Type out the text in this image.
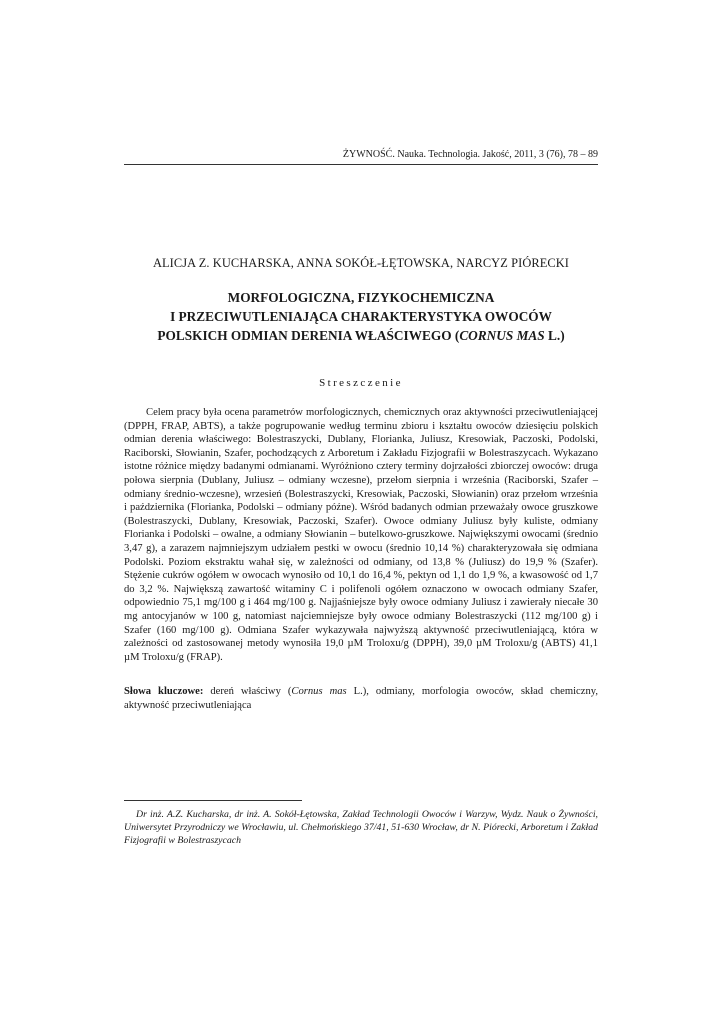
ŻYWNOŚĆ. Nauka. Technologia. Jakość, 2011, 3 (76), 78 – 89
ALICJA Z. KUCHARSKA, ANNA SOKÓŁ-ŁĘTOWSKA, NARCYZ PIÓRECKI
MORFOLOGICZNA, FIZYKOCHEMICZNA
I PRZECIWUTLENIAJĄCA CHARAKTERYSTYKA OWOCÓW
POLSKICH ODMIAN DERENIA WŁAŚCIWEGO (CORNUS MAS L.)
Streszczenie

Celem pracy była ocena parametrów morfologicznych, chemicznych oraz aktywności przeciwutleniającej (DPPH, FRAP, ABTS), a także pogrupowanie według terminu zbioru i kształtu owoców dziesięciu polskich odmian derenia właściwego: Bolestraszycki, Dublany, Florianka, Juliusz, Kresowiak, Paczoski, Podolski, Raciborski, Słowianin, Szafer, pochodzących z Arboretum i Zakładu Fizjografii w Bolestraszycach. Wykazano istotne różnice między badanymi odmianami. Wyróżniono cztery terminy dojrzałości zbiorczej owoców: druga połowa sierpnia (Dublany, Juliusz – odmiany wczesne), przełom sierpnia i września (Raciborski, Szafer – odmiany średnio-wczesne), wrzesień (Bolestraszycki, Kresowiak, Paczoski, Słowianin) oraz przełom września i października (Florianka, Podolski – odmiany późne). Wśród badanych odmian przeważały owoce gruszkowe (Bolestraszycki, Dublany, Kresowiak, Paczoski, Szafer). Owoce odmiany Juliusz były kuliste, odmiany Florianka i Podolski – owalne, a odmiany Słowianin – butelkowo-gruszkowe. Największymi owocami (średnio 3,47 g), a zarazem najmniejszym udziałem pestki w owocu (średnio 10,14 %) charakteryzowała się odmiana Podolski. Poziom ekstraktu wahał się, w zależności od odmiany, od 13,8 % (Juliusz) do 19,9 % (Szafer). Stężenie cukrów ogółem w owocach wynosiło od 10,1 do 16,4 %, pektyn od 1,1 do 1,9 %, a kwasowość od 1,7 do 3,2 %. Największą zawartość witaminy C i polifenoli ogółem oznaczono w owocach odmiany Szafer, odpowiednio 75,1 mg/100 g i 464 mg/100 g. Najjaśniejsze były owoce odmiany Juliusz i zawierały niecałe 30 mg antocyjanów w 100 g, natomiast najciemniejsze były owoce odmiany Bolestraszycki (112 mg/100 g) i Szafer (160 mg/100 g). Odmiana Szafer wykazywała najwyższą aktywność przeciwutleniającą, która w zależności od zastosowanej metody wynosiła 19,0 µM Troloxu/g (DPPH), 39,0 µM Troloxu/g (ABTS) 41,1 µM Troloxu/g (FRAP).

Słowa kluczowe: dereń właściwy (Cornus mas L.), odmiany, morfologia owoców, skład chemiczny, aktywność przeciwutleniająca

Dr inż. A.Z. Kucharska, dr inż. A. Sokół-Łętowska, Zakład Technologii Owoców i Warzyw, Wydz. Nauk o Żywności, Uniwersytet Przyrodniczy we Wrocławiu, ul. Chełmońskiego 37/41, 51-630 Wrocław, dr N. Piórecki, Arboretum i Zakład Fizjografii w Bolestraszycach
